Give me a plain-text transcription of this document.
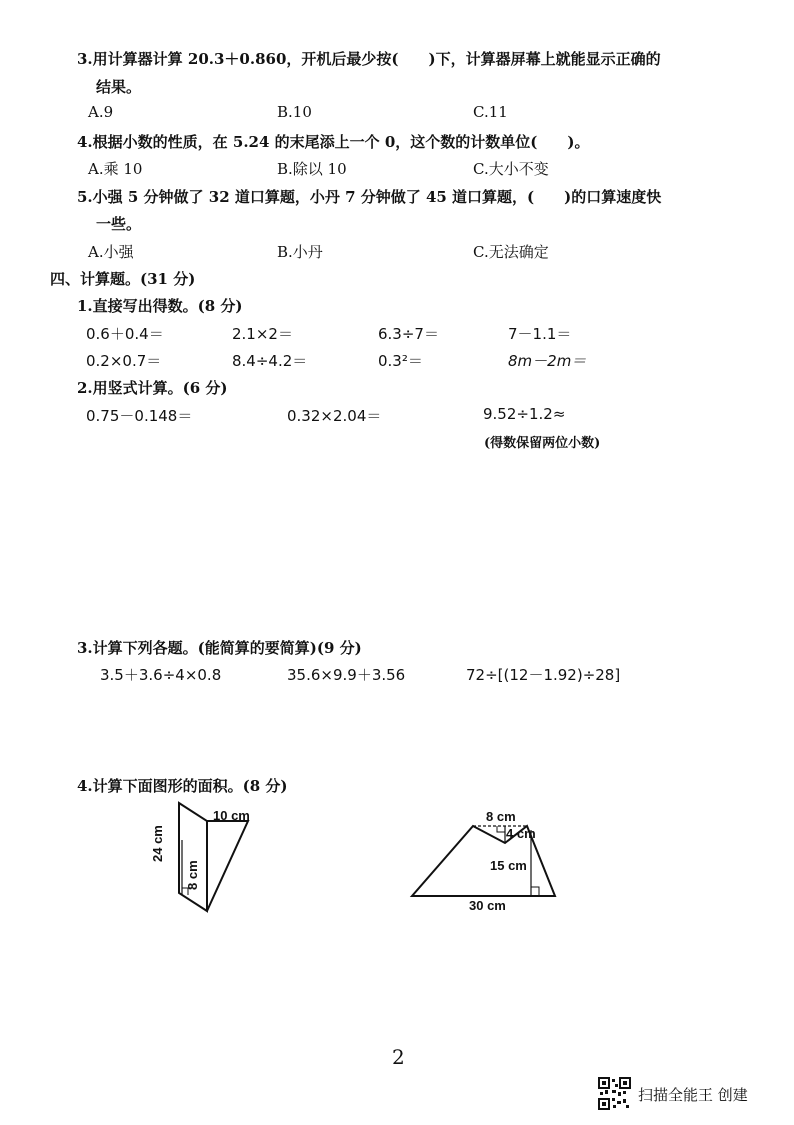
3.用计算器计算 20.3＋0.860，开机后最少按(　　)下，计算器屏幕上就能显示正确的
结果。
A.9	B.10	C.11
4.根据小数的性质，在 5.24 的末尾添上一个 0，这个数的计数单位(　　)。
A.乘 10	B.除以 10	C.大小不变
5.小强 5 分钟做了 32 道口算题，小丹 7 分钟做了 45 道口算题，(　　)的口算速度快
一些。
A.小强	B.小丹	C.无法确定
四、计算题。(31 分)
1.直接写出得数。(8 分)
0.6＋0.4＝	2.1×2＝	6.3÷7＝	7－1.1＝
0.2×0.7＝	8.4÷4.2＝	0.3²＝	8m－2m＝
2.用竖式计算。(6 分)
0.75－0.148＝	0.32×2.04＝	9.52÷1.2≈
(得数保留两位小数)
3.计算下列各题。(能简算的要简算)(9 分)
3.5＋3.6÷4×0.8	35.6×9.9＋3.56	72÷[(12－1.92)÷28]
4.计算下面图形的面积。(8 分)
10 cm
24 cm
8 cm
8 cm
4 cm
15 cm
30 cm
2
扫描全能王 创建
